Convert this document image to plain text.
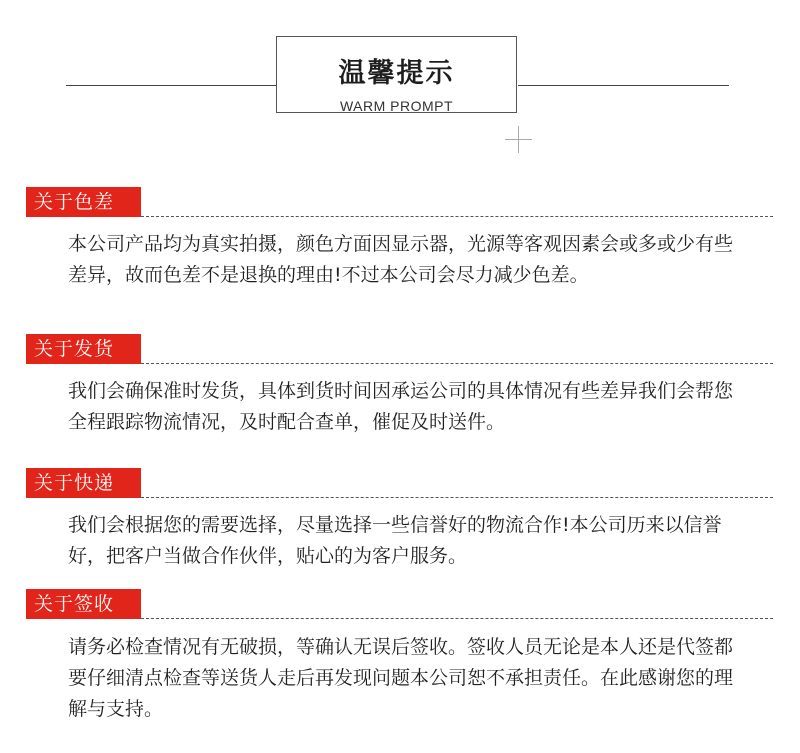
温馨提示
WARM PROMPT
关于色差

本公司产品均为真实拍摄，颜色方面因显示器，光源等客观因素会或多或少有些差异，故而色差不是退换的理由!不过本公司会尽力减少色差。

关于发货

我们会确保准时发货，具体到货时间因承运公司的具体情况有些差异我们会帮您全程跟踪物流情况，及时配合查单，催促及时送件。

关于快递

我们会根据您的需要选择，尽量选择一些信誉好的物流合作!本公司历来以信誉好，把客户当做合作伙伴，贴心的为客户服务。

关于签收

请务必检查情况有无破损，等确认无误后签收。签收人员无论是本人还是代签都要仔细清点检查等送货人走后再发现问题本公司恕不承担责任。在此感谢您的理解与支持。
